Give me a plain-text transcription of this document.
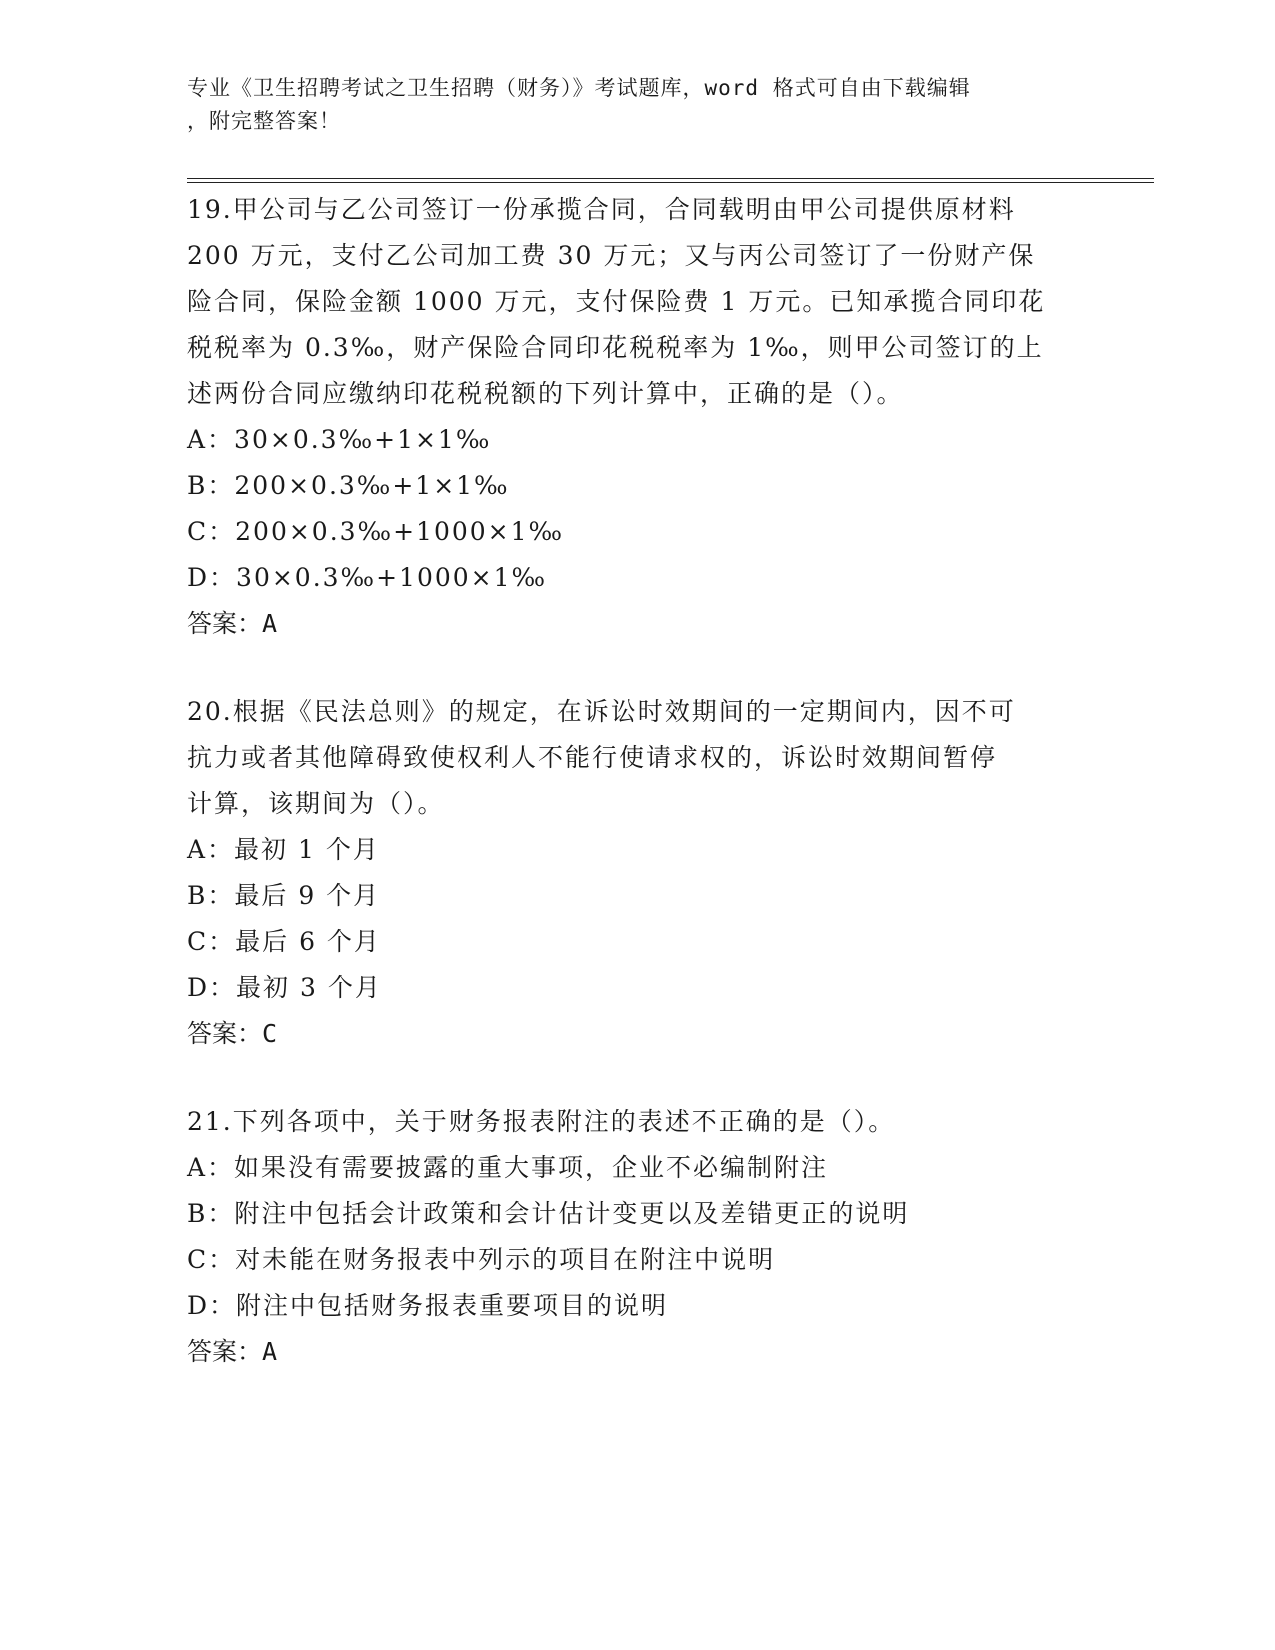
专业《卫生招聘考试之卫生招聘（财务）》考试题库，word 格式可自由下载编辑
，附完整答案！
19.甲公司与乙公司签订一份承揽合同，合同载明由甲公司提供原材料
200 万元，支付乙公司加工费 30 万元；又与丙公司签订了一份财产保
险合同，保险金额 1000 万元，支付保险费 1 万元。已知承揽合同印花
税税率为 0.3‰，财产保险合同印花税税率为 1‰，则甲公司签订的上
述两份合同应缴纳印花税税额的下列计算中，正确的是（）。
A：30×0.3‰+1×1‰
B：200×0.3‰+1×1‰
C：200×0.3‰+1000×1‰
D：30×0.3‰+1000×1‰
答案：A
20.根据《民法总则》的规定，在诉讼时效期间的一定期间内，因不可
抗力或者其他障碍致使权利人不能行使请求权的，诉讼时效期间暂停
计算，该期间为（）。
A：最初 1 个月
B：最后 9 个月
C：最后 6 个月
D：最初 3 个月
答案：C
21.下列各项中，关于财务报表附注的表述不正确的是（）。
A：如果没有需要披露的重大事项，企业不必编制附注
B：附注中包括会计政策和会计估计变更以及差错更正的说明
C：对未能在财务报表中列示的项目在附注中说明
D：附注中包括财务报表重要项目的说明
答案：A
